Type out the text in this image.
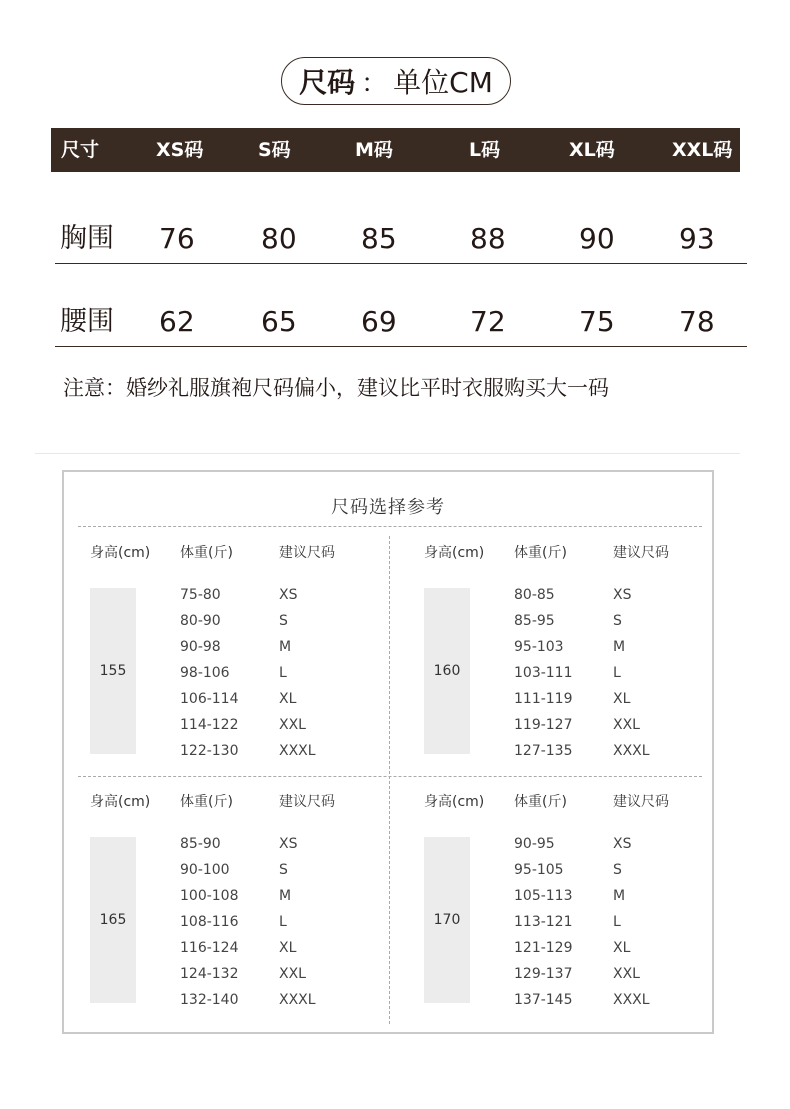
尺码 ： 单位CM
尺寸	XS码	S码	M码	L码	XL码	XXL码
胸围 76 80 85	88	90 93
腰围 62 65 69	72	75 78
注意：婚纱礼服旗袍尺码偏小，建议比平时衣服购买大一码
尺码选择参考
身高(cm) 体重(斤)	建议尺码
155
75-80	XS
80-90	S
90-98	M
98-106	L
106-114	XL
114-122	XXL
122-130	XXXL
身高(cm) 体重(斤)	建议尺码
160
80-85	XS
85-95	S
95-103	M
103-111	L
111-119	XL
119-127	XXL
127-135	XXXL
身高(cm) 体重(斤)	建议尺码
165
85-90	XS
90-100	S
100-108	M
108-116	L
116-124	XL
124-132	XXL
132-140	XXXL
身高(cm) 体重(斤)	建议尺码
170
90-95	XS
95-105	S
105-113	M
113-121	L
121-129	XL
129-137	XXL
137-145	XXXL
